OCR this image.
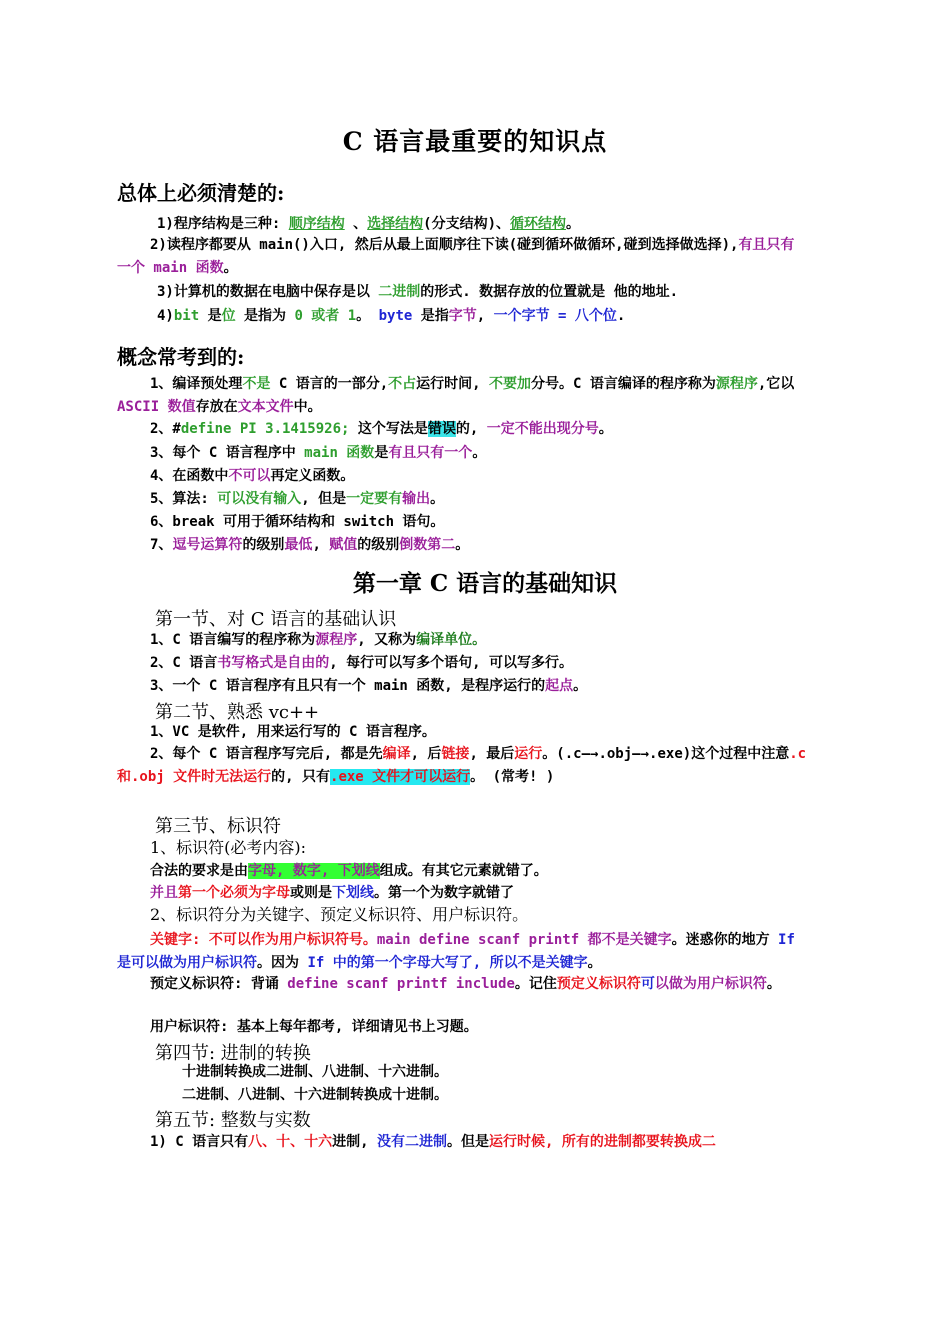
C 语言最重要的知识点
总体上必须清楚的:
1)程序结构是三种: 顺序结构 、选择结构(分支结构)、循环结构。
2)读程序都要从 main()入口, 然后从最上面顺序往下读(碰到循环做循环,碰到选择做选择),有且只有一个 main 函数。
3)计算机的数据在电脑中保存是以 二进制的形式. 数据存放的位置就是 他的地址.
4)bit 是位 是指为 0 或者 1。 byte 是指字节, 一个字节 = 八个位.
概念常考到的:
1、编译预处理不是 C 语言的一部分,不占运行时间, 不要加分号。C 语言编译的程序称为源程序,它以 ASCII 数值存放在文本文件中。
2、#define PI 3.1415926; 这个写法是错误的, 一定不能出现分号。
3、每个 C 语言程序中 main 函数是有且只有一个。
4、在函数中不可以再定义函数。
5、算法: 可以没有输入, 但是一定要有输出。
6、break 可用于循环结构和 switch 语句。
7、逗号运算符的级别最低, 赋值的级别倒数第二。
第一章 C 语言的基础知识
第一节、对 C 语言的基础认识
1、C 语言编写的程序称为源程序, 又称为编译单位。
2、C 语言书写格式是自由的, 每行可以写多个语句, 可以写多行。
3、一个 C 语言程序有且只有一个 main 函数, 是程序运行的起点。
第二节、熟悉 vc++
1、VC 是软件, 用来运行写的 C 语言程序。
2、每个 C 语言程序写完后, 都是先编译, 后链接, 最后运行。(.c—→.obj—→.exe)这个过程中注意.c 和.obj 文件时无法运行的, 只有.exe 文件才可以运行。 (常考! )
第三节、标识符
1、标识符(必考内容):
合法的要求是由字母, 数字, 下划线组成。有其它元素就错了。
并且第一个必须为字母或则是下划线。第一个为数字就错了
2、标识符分为关键字、预定义标识符、用户标识符。
关键字: 不可以作为用户标识符号。main define scanf printf 都不是关键字。迷惑你的地方 If 是可以做为用户标识符。因为 If 中的第一个字母大写了, 所以不是关键字。
预定义标识符: 背诵 define scanf printf include。记住预定义标识符可以做为用户标识符。
用户标识符: 基本上每年都考, 详细请见书上习题。
第四节: 进制的转换
十进制转换成二进制、八进制、十六进制。
二进制、八进制、十六进制转换成十进制。
第五节: 整数与实数
1) C 语言只有八、十、十六进制, 没有二进制。但是运行时候, 所有的进制都要转换成二
